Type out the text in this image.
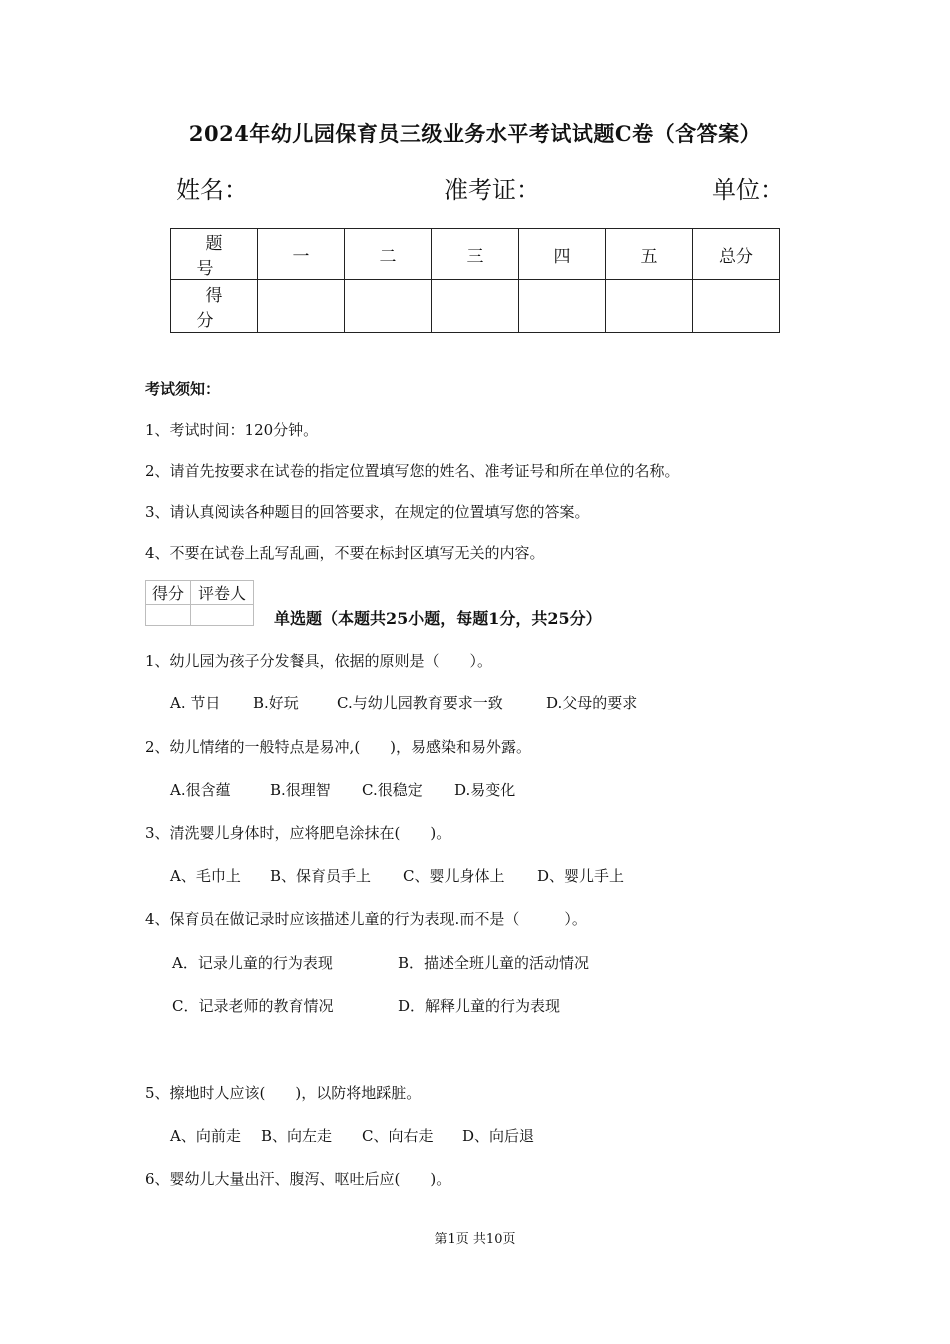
2024年幼儿园保育员三级业务水平考试试题C卷（含答案）
姓名：	准考证：	单位：
题　号	一	二	三	四	五	总分
得　分						
考试须知：
1、考试时间：120分钟。
2、请首先按要求在试卷的指定位置填写您的姓名、准考证号和所在单位的名称。
3、请认真阅读各种题目的回答要求，在规定的位置填写您的答案。
4、不要在试卷上乱写乱画，不要在标封区填写无关的内容。
得分	评卷人

单选题（本题共25小题，每题1分，共25分）
1、幼儿园为孩子分发餐具，依据的原则是（　　）。
A. 节日 B.好玩	C.与幼儿园教育要求一致	D.父母的要求
2、幼儿情绪的一般特点是易冲,(　　)，易感染和易外露。
A.很含蕴	B.很理智 C.很稳定 D.易变化
3、清洗婴儿身体时，应将肥皂涂抹在(　　)。
A、毛巾上 B、保育员手上 C、婴儿身体上 D、婴儿手上
4、保育员在做记录时应该描述儿童的行为表现.而不是（　　　）。
A．记录儿童的行为表现	B．描述全班儿童的活动情况
C．记录老师的教育情况	D．解释儿童的行为表现
5、擦地时人应该(　　)，以防将地踩脏。
A、向前走 B、向左走 C、向右走 D、向后退
6、婴幼儿大量出汗、腹泻、呕吐后应(　　)。
第1页 共10页
